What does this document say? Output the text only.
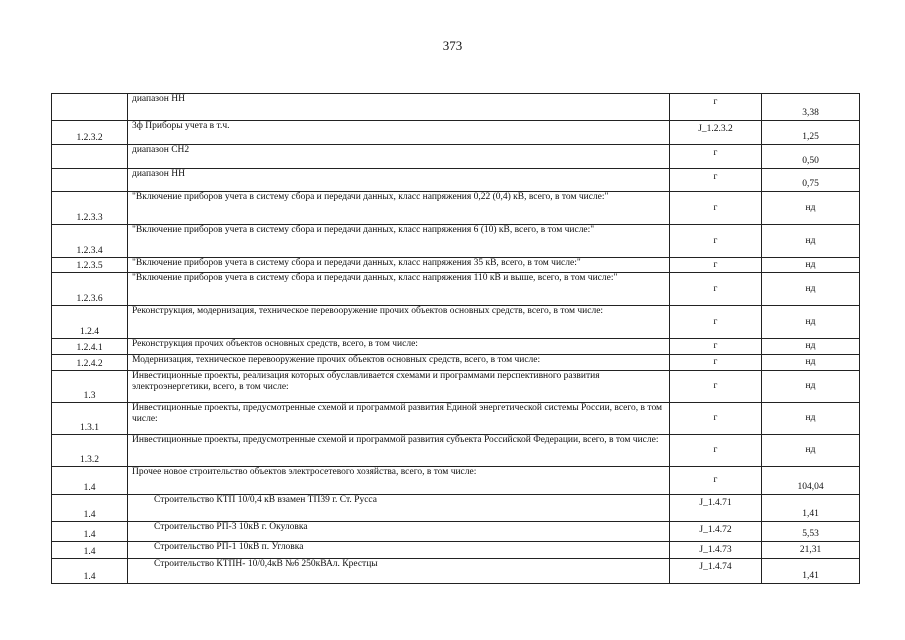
373
	диапазон НН	г	3,38
1.2.3.2	3ф Приборы учета в т.ч.	J_1.2.3.2	1,25
	диапазон СН2	г	0,50
	диапазон НН	г	0,75
1.2.3.3	"Включение приборов учета в систему сбора и передачи данных, класс напряжения 0,22 (0,4) кВ, всего, в том числе:"	г	нд
1.2.3.4	"Включение приборов учета в систему сбора и передачи данных, класс напряжения 6 (10) кВ, всего, в том числе:"	г	нд
1.2.3.5	"Включение приборов учета в систему сбора и передачи данных, класс напряжения 35 кВ, всего, в том числе:"	г	нд
1.2.3.6	"Включение приборов учета в систему сбора и передачи данных, класс напряжения 110 кВ и выше, всего, в том числе:"	г	нд
1.2.4	Реконструкция, модернизация, техническое перевооружение прочих объектов основных средств, всего, в том числе:	г	нд
1.2.4.1	Реконструкция прочих объектов основных средств, всего, в том числе:	г	нд
1.2.4.2	Модернизация, техническое перевооружение прочих объектов основных средств, всего, в том числе:	г	нд
1.3	Инвестиционные проекты, реализация которых обуславливается схемами и программами перспективного развития электроэнергетики, всего, в том числе:	г	нд
1.3.1	Инвестиционные проекты, предусмотренные схемой и программой развития Единой энергетической системы России, всего, в том числе:	г	нд
1.3.2	Инвестиционные проекты, предусмотренные схемой и программой развития субъекта Российской Федерации, всего, в том числе:	г	нд
1.4	Прочее новое строительство объектов электросетевого хозяйства, всего, в том числе:	г	104,04
1.4	Строительство КТП 10/0,4 кВ взамен ТП39 г. Ст. Русса	J_1.4.71	1,41
1.4	Строительство РП-3 10кВ г. Окуловка	J_1.4.72	5,53
1.4	Строительство РП-1 10кВ п. Угловка	J_1.4.73	21,31
1.4	Строительство КТПН- 10/0,4кВ №6 250кВАл. Крестцы	J_1.4.74	1,41
